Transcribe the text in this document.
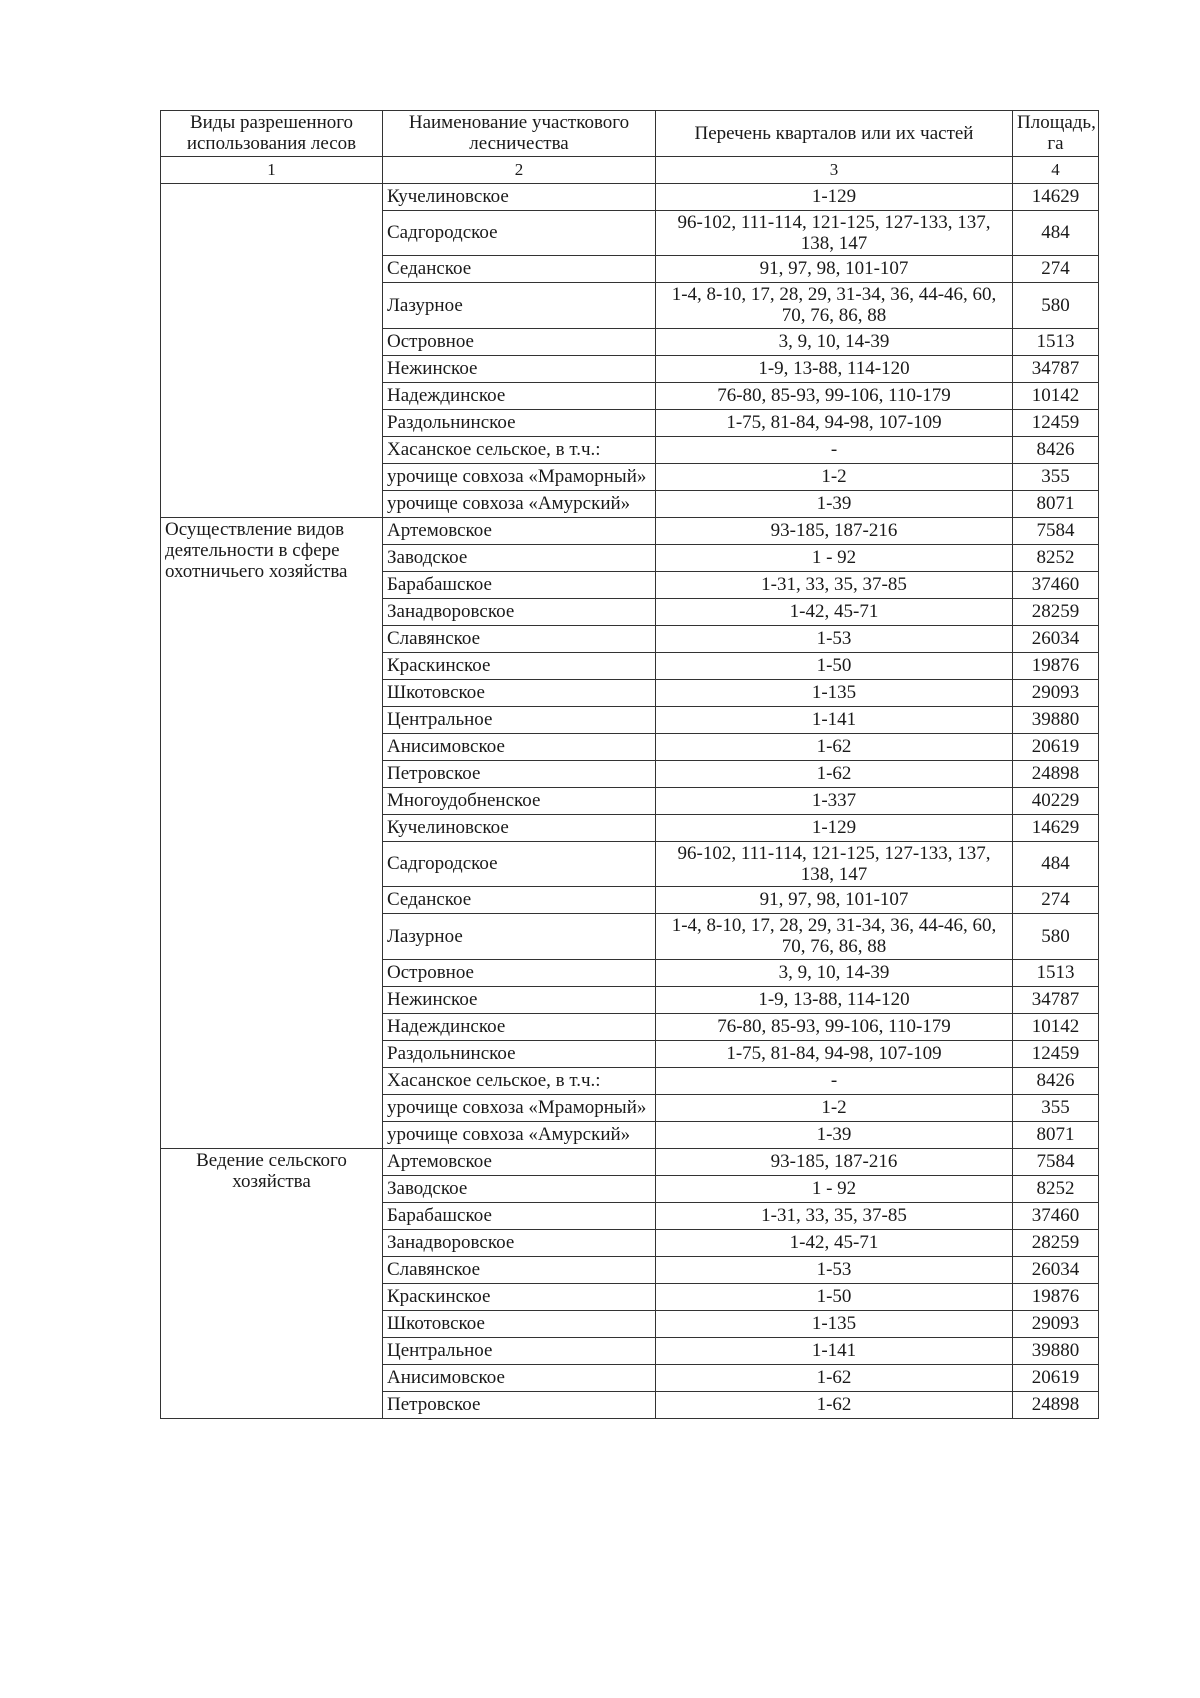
Виды разрешенного использования лесов	Наименование участкового лесничества	Перечень кварталов или их частей	Площадь, га
1	2	3	4
	Кучелиновское	1-129	14629
	Садгородское	96-102, 111-114, 121-125, 127-133, 137, 138, 147	484
	Седанское	91, 97, 98, 101-107	274
	Лазурное	1-4, 8-10, 17, 28, 29, 31-34, 36, 44-46, 60, 70, 76, 86, 88	580
	Островное	3, 9, 10, 14-39	1513
	Нежинское	1-9, 13-88, 114-120	34787
	Надеждинское	76-80, 85-93, 99-106, 110-179	10142
	Раздольнинское	1-75, 81-84, 94-98, 107-109	12459
	Хасанское сельское, в т.ч.:	-	8426
	урочище совхоза «Мраморный»	1-2	355
	урочище совхоза «Амурский»	1-39	8071
Осуществление видов деятельности в сфере охотничьего хозяйства	Артемовское	93-185, 187-216	7584
	Заводское	1 - 92	8252
	Барабашское	1-31, 33, 35, 37-85	37460
	Занадворовское	1-42, 45-71	28259
	Славянское	1-53	26034
	Краскинское	1-50	19876
	Шкотовское	1-135	29093
	Центральное	1-141	39880
	Анисимовское	1-62	20619
	Петровское	1-62	24898
	Многоудобненское	1-337	40229
	Кучелиновское	1-129	14629
	Садгородское	96-102, 111-114, 121-125, 127-133, 137, 138, 147	484
	Седанское	91, 97, 98, 101-107	274
	Лазурное	1-4, 8-10, 17, 28, 29, 31-34, 36, 44-46, 60, 70, 76, 86, 88	580
	Островное	3, 9, 10, 14-39	1513
	Нежинское	1-9, 13-88, 114-120	34787
	Надеждинское	76-80, 85-93, 99-106, 110-179	10142
	Раздольнинское	1-75, 81-84, 94-98, 107-109	12459
	Хасанское сельское, в т.ч.:	-	8426
	урочище совхоза «Мраморный»	1-2	355
	урочище совхоза «Амурский»	1-39	8071
Ведение сельского хозяйства	Артемовское	93-185, 187-216	7584
	Заводское	1 - 92	8252
	Барабашское	1-31, 33, 35, 37-85	37460
	Занадворовское	1-42, 45-71	28259
	Славянское	1-53	26034
	Краскинское	1-50	19876
	Шкотовское	1-135	29093
	Центральное	1-141	39880
	Анисимовское	1-62	20619
	Петровское	1-62	24898
